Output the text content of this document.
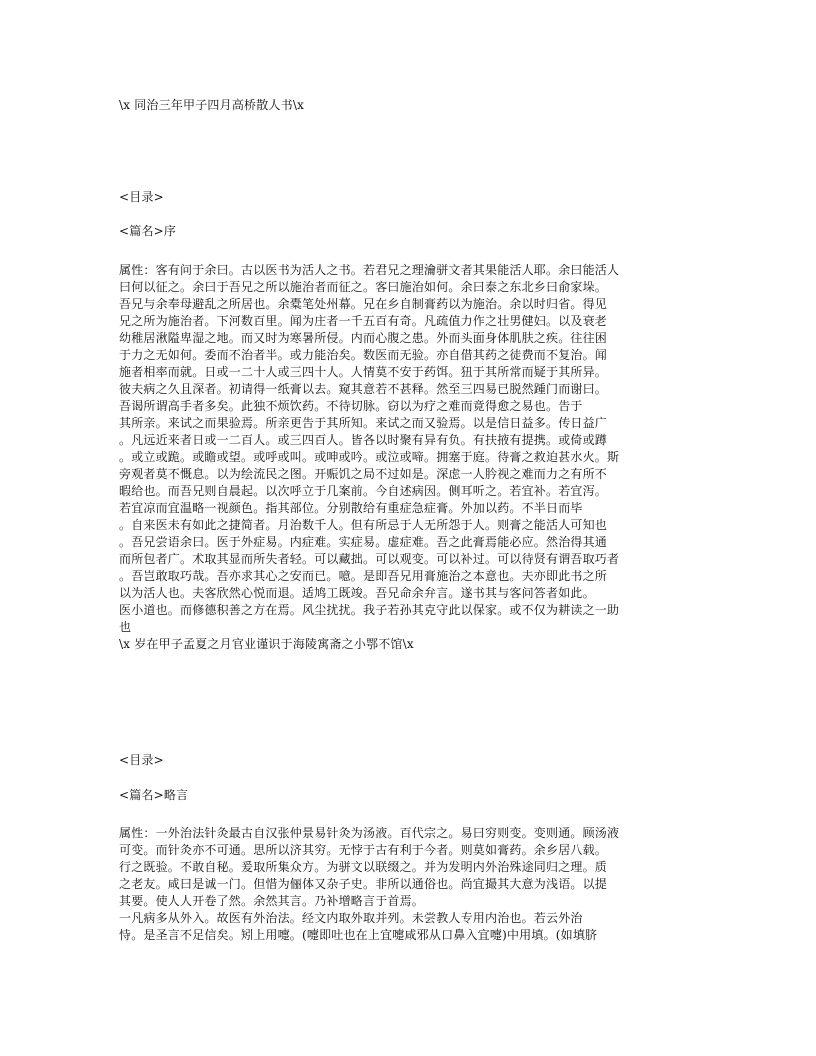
\x 同治三年甲子四月高桥散人书\x
<目录>
<篇名>序
属性：客有问于余曰。古以医书为活人之书。若君兄之理瀹骈文者其果能活人耶。余曰能活人
曰何以征之。余曰于吾兄之所以施治者而征之。客曰施治如何。余曰泰之东北乡曰俞家垛。
吾兄与余奉母避乱之所居也。余橐笔处州幕。兄在乡自制膏药以为施治。余以时归省。得见
兄之所为施治者。下河数百里。闻为庄者一千五百有奇。凡疏值力作之壮男健妇。以及衰老
幼稚居湫隘卑湿之地。而又时为寒暑所侵。内而心腹之患。外而头面身体肌肤之疾。往往困
于力之无如何。委而不治者半。或力能治矣。数医而无验。亦自借其药之徒费而不复治。闻
施者相率而就。日或一二十人或三四十人。人情莫不安于药饵。狃于其所常而疑于其所异。
彼夫病之久且深者。初请得一纸膏以去。窥其意若不甚释。然至三四易已脱然踵门而谢曰。
吾谒所谓高手者多矣。此独不烦饮药。不待切脉。窃以为疗之难而竟得愈之易也。告于
其所亲。来试之而果验焉。所亲更告于其所知。来试之而又验焉。以是信日益多。传日益广
。凡远近来者日或一二百人。或三四百人。皆各以时聚有异有负。有扶掖有提携。或倚或蹲
。或立或跪。或瞻或望。或呼或叫。或呻或吟。或泣或啼。拥塞于庭。待膏之救迫甚水火。斯
旁观者莫不慨息。以为绘流民之图。开赈饥之局不过如是。深虑一人肣视之难而力之有所不
暇给也。而吾兄则自晨起。以次呼立于几案前。今自述病因。侧耳听之。若宜补。若宜泻。
若宜凉而宜温略一视颜色。指其部位。分别散给有重症急症膏。外加以药。不半日而毕
。自来医未有如此之捷简者。月治数千人。但有所忌于人无所怨于人。则膏之能活人可知也
。吾兄尝语余曰。医于外症易。内症难。实症易。虚症难。吾之此膏焉能必应。然治得其通
而所包者广。术取其显而所失者轻。可以藏拙。可以观变。可以补过。可以待贤有谓吾取巧者
。吾岂敢取巧哉。吾亦求其心之安而已。噫。是即吾兄用膏施治之本意也。夫亦即此书之所
以为活人也。夫客欣然心悦而退。适鸠工既竣。吾兄命余弁言。遂书其与客问答者如此。
医小道也。而修德积善之方在焉。风尘扰扰。我子若孙其克守此以保家。或不仅为耕读之一助
也
\x 岁在甲子孟夏之月官业谨识于海陵寓斋之小鄂不馆\x
<目录>
<篇名>略言
属性：一外治法针灸最古自汉张仲景易针灸为汤液。百代宗之。易曰穷则变。变则通。顾汤液
可变。而针灸亦不可通。思所以济其穷。无悖于古有利于今者。则莫如膏药。余乡居八载。
行之既验。不敢自秘。爰取所集众方。为骈文以联缀之。并为发明内外治殊途同归之理。质
之老友。咸曰是诚一门。但惜为俪体又杂子史。非所以通俗也。尚宜撮其大意为浅语。以提
其要。使人人开卷了然。余然其言。乃补增略言于首焉。
一凡病多从外入。故医有外治法。经文内取外取并列。未尝教人专用内治也。若云外治
恃。是圣言不足信矣。矧上用嚏。(嚏即吐也在上宜嚏咸邪从口鼻入宜嚏)中用填。(如填脐
